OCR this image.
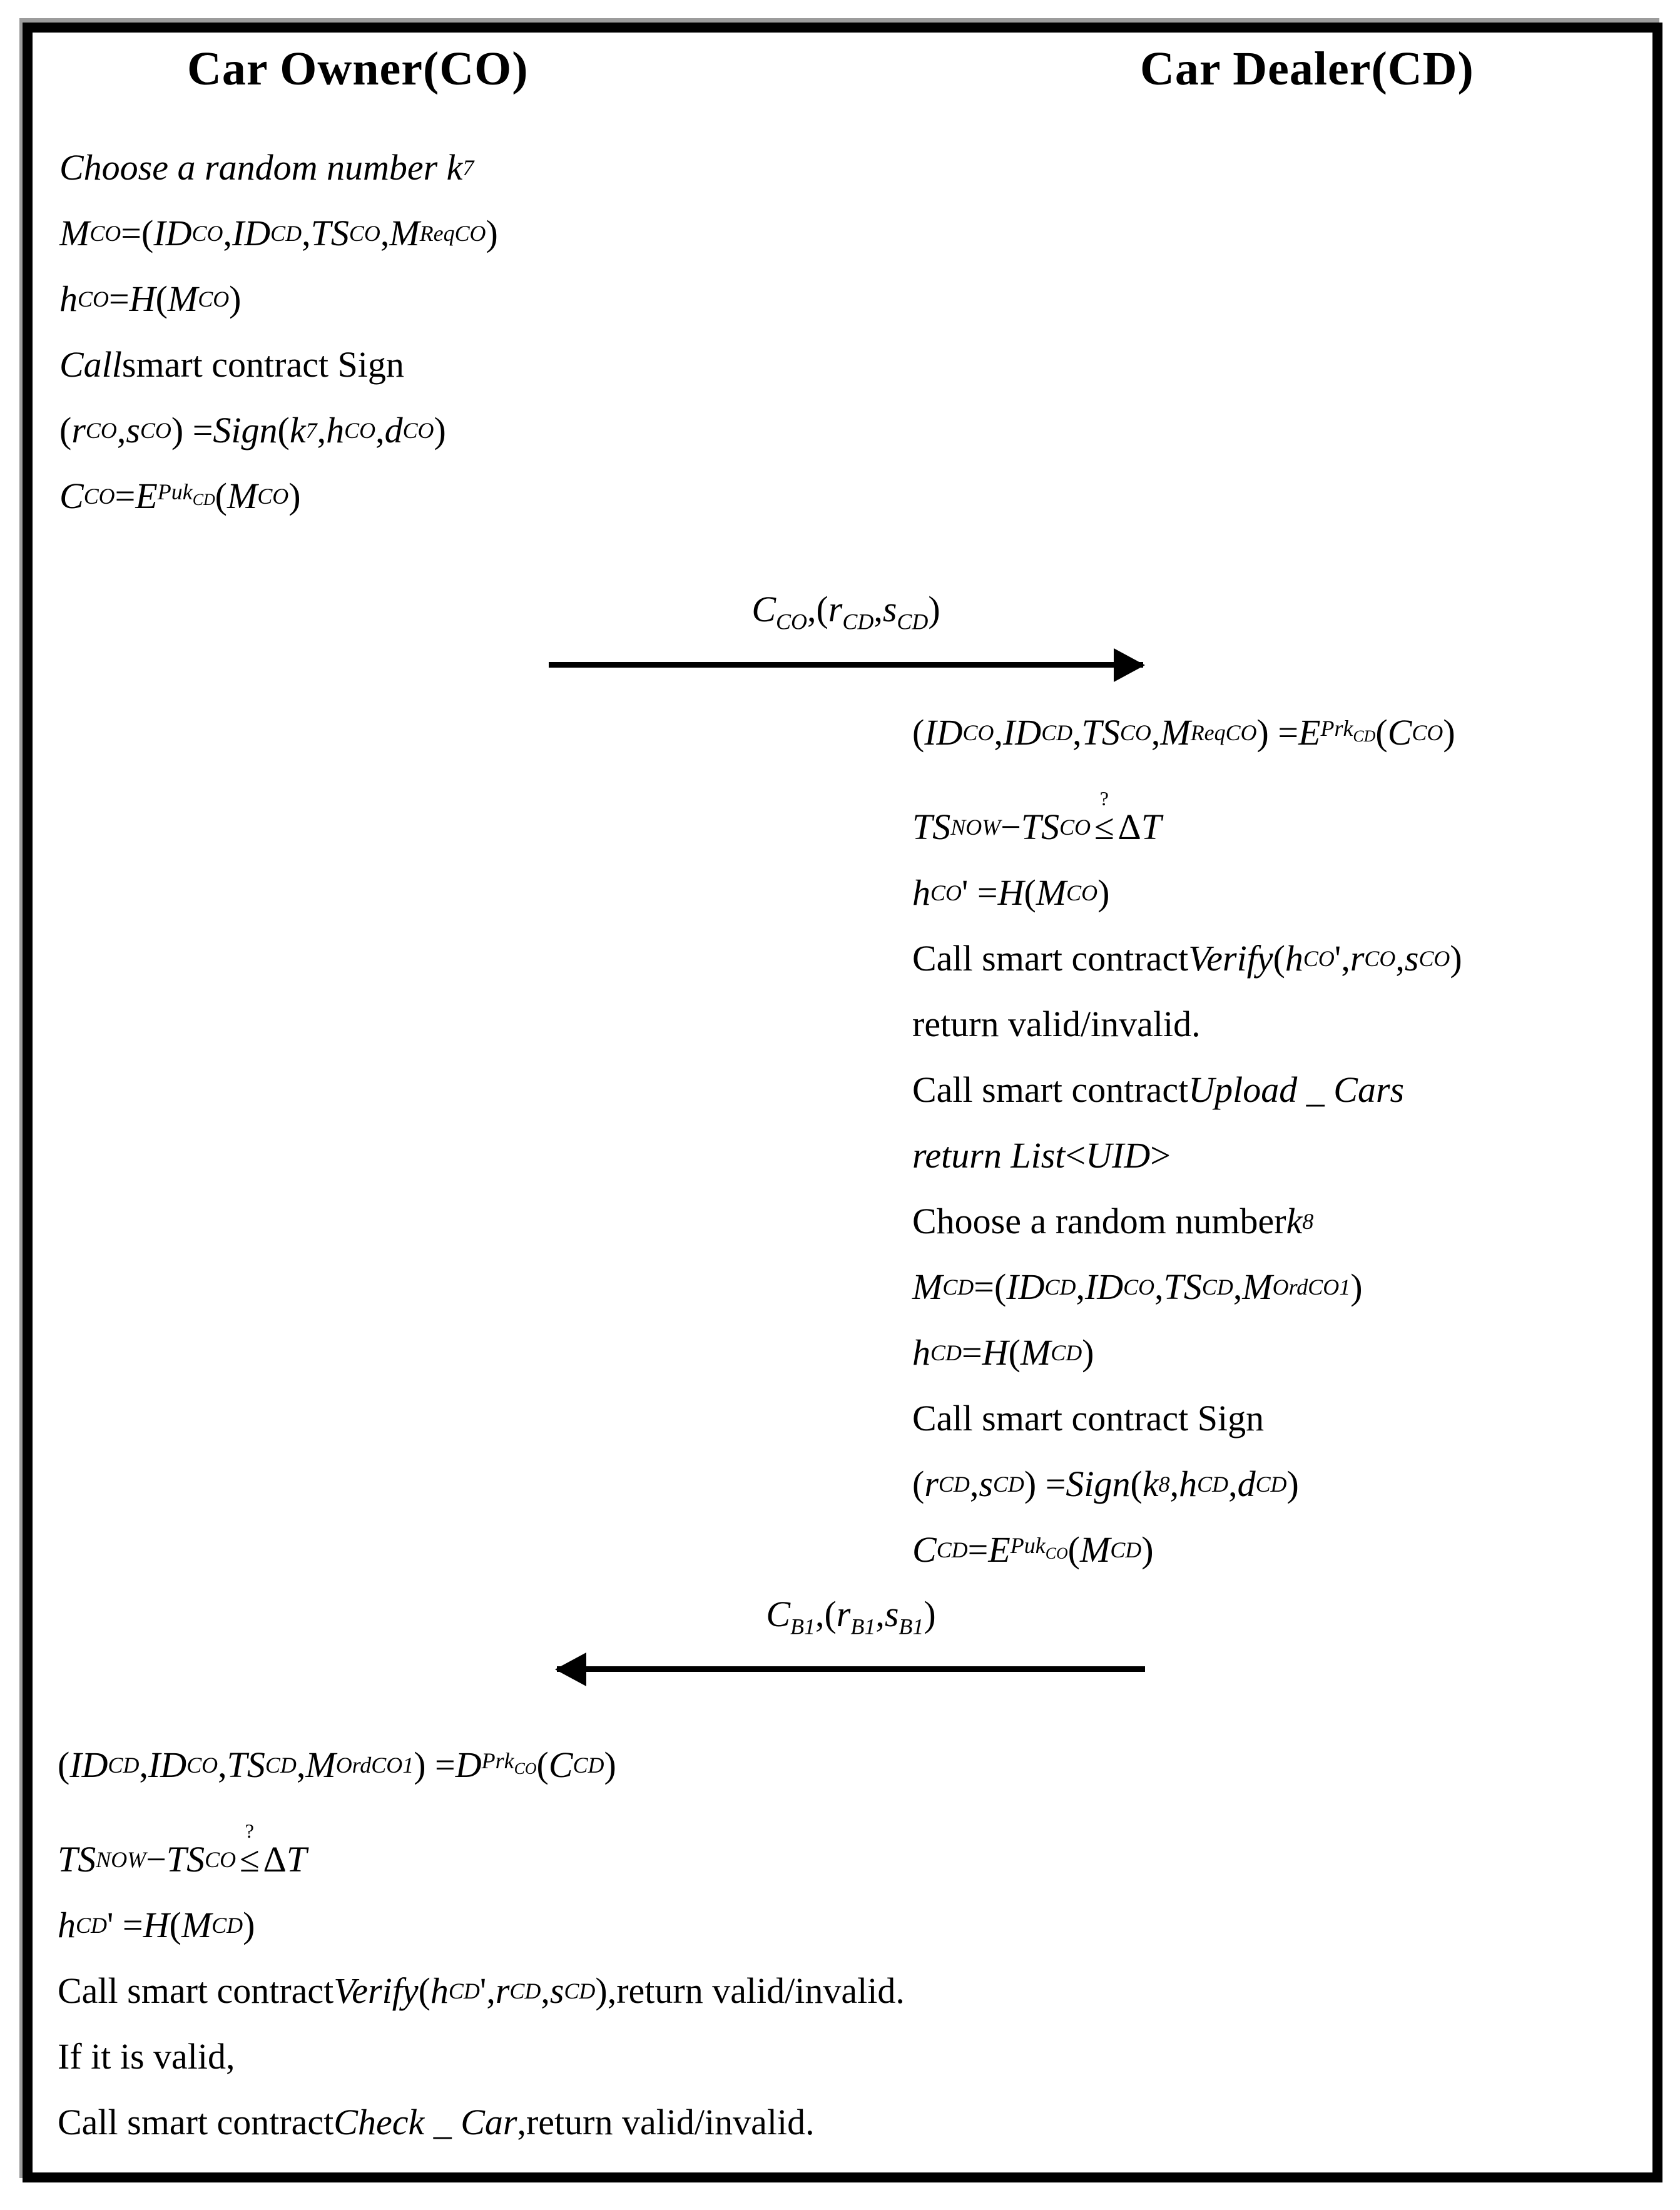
Car Owner(CO)	Car Dealer(CD)
Choose a random number k 7
M CO =( ID CO , ID CD , TS CO , M ReqCO )
h CO = H ( M CO )
Call smart contract Sign
( r CO , s CO ) = Sign ( k 7 , h CO , d CO )
C CO = E Puk$_{CD}$ ( M CO )
$C_{CO},(r_{CD},s_{CD})$
( ID CO , ID CD , TS CO , M ReqCO ) = E Prk$_{CD}$ ( C CO )
TS NOW − TS CO
?
≤ Δ T
h CO ' = H ( M CO )
Call smart contract Verify ( h CO ', r CO , s CO )
return valid/invalid.
Call smart contract Upload _ Cars
return List < UID >
Choose a random number k 8
M CD =( ID CD , ID CO , TS CD , M OrdCO1 )
h CD = H ( M CD )
Call smart contract Sign
( r CD , s CD ) = Sign ( k 8 , h CD , d CD )
C CD = E Puk$_{CO}$ ( M CD )
$C_{B1},(r_{B1},s_{B1})$
( ID CD , ID CO , TS CD , M OrdCO1 ) = D Prk$_{CO}$ ( C CD )
TS NOW − TS CO
?
≤ Δ T
h CD ' = H ( M CD )
Call smart contract Verify ( h CD ', r CD , s CD ),return valid/invalid.
If it is valid,
Call smart contract Check _ Car ,return valid/invalid.
